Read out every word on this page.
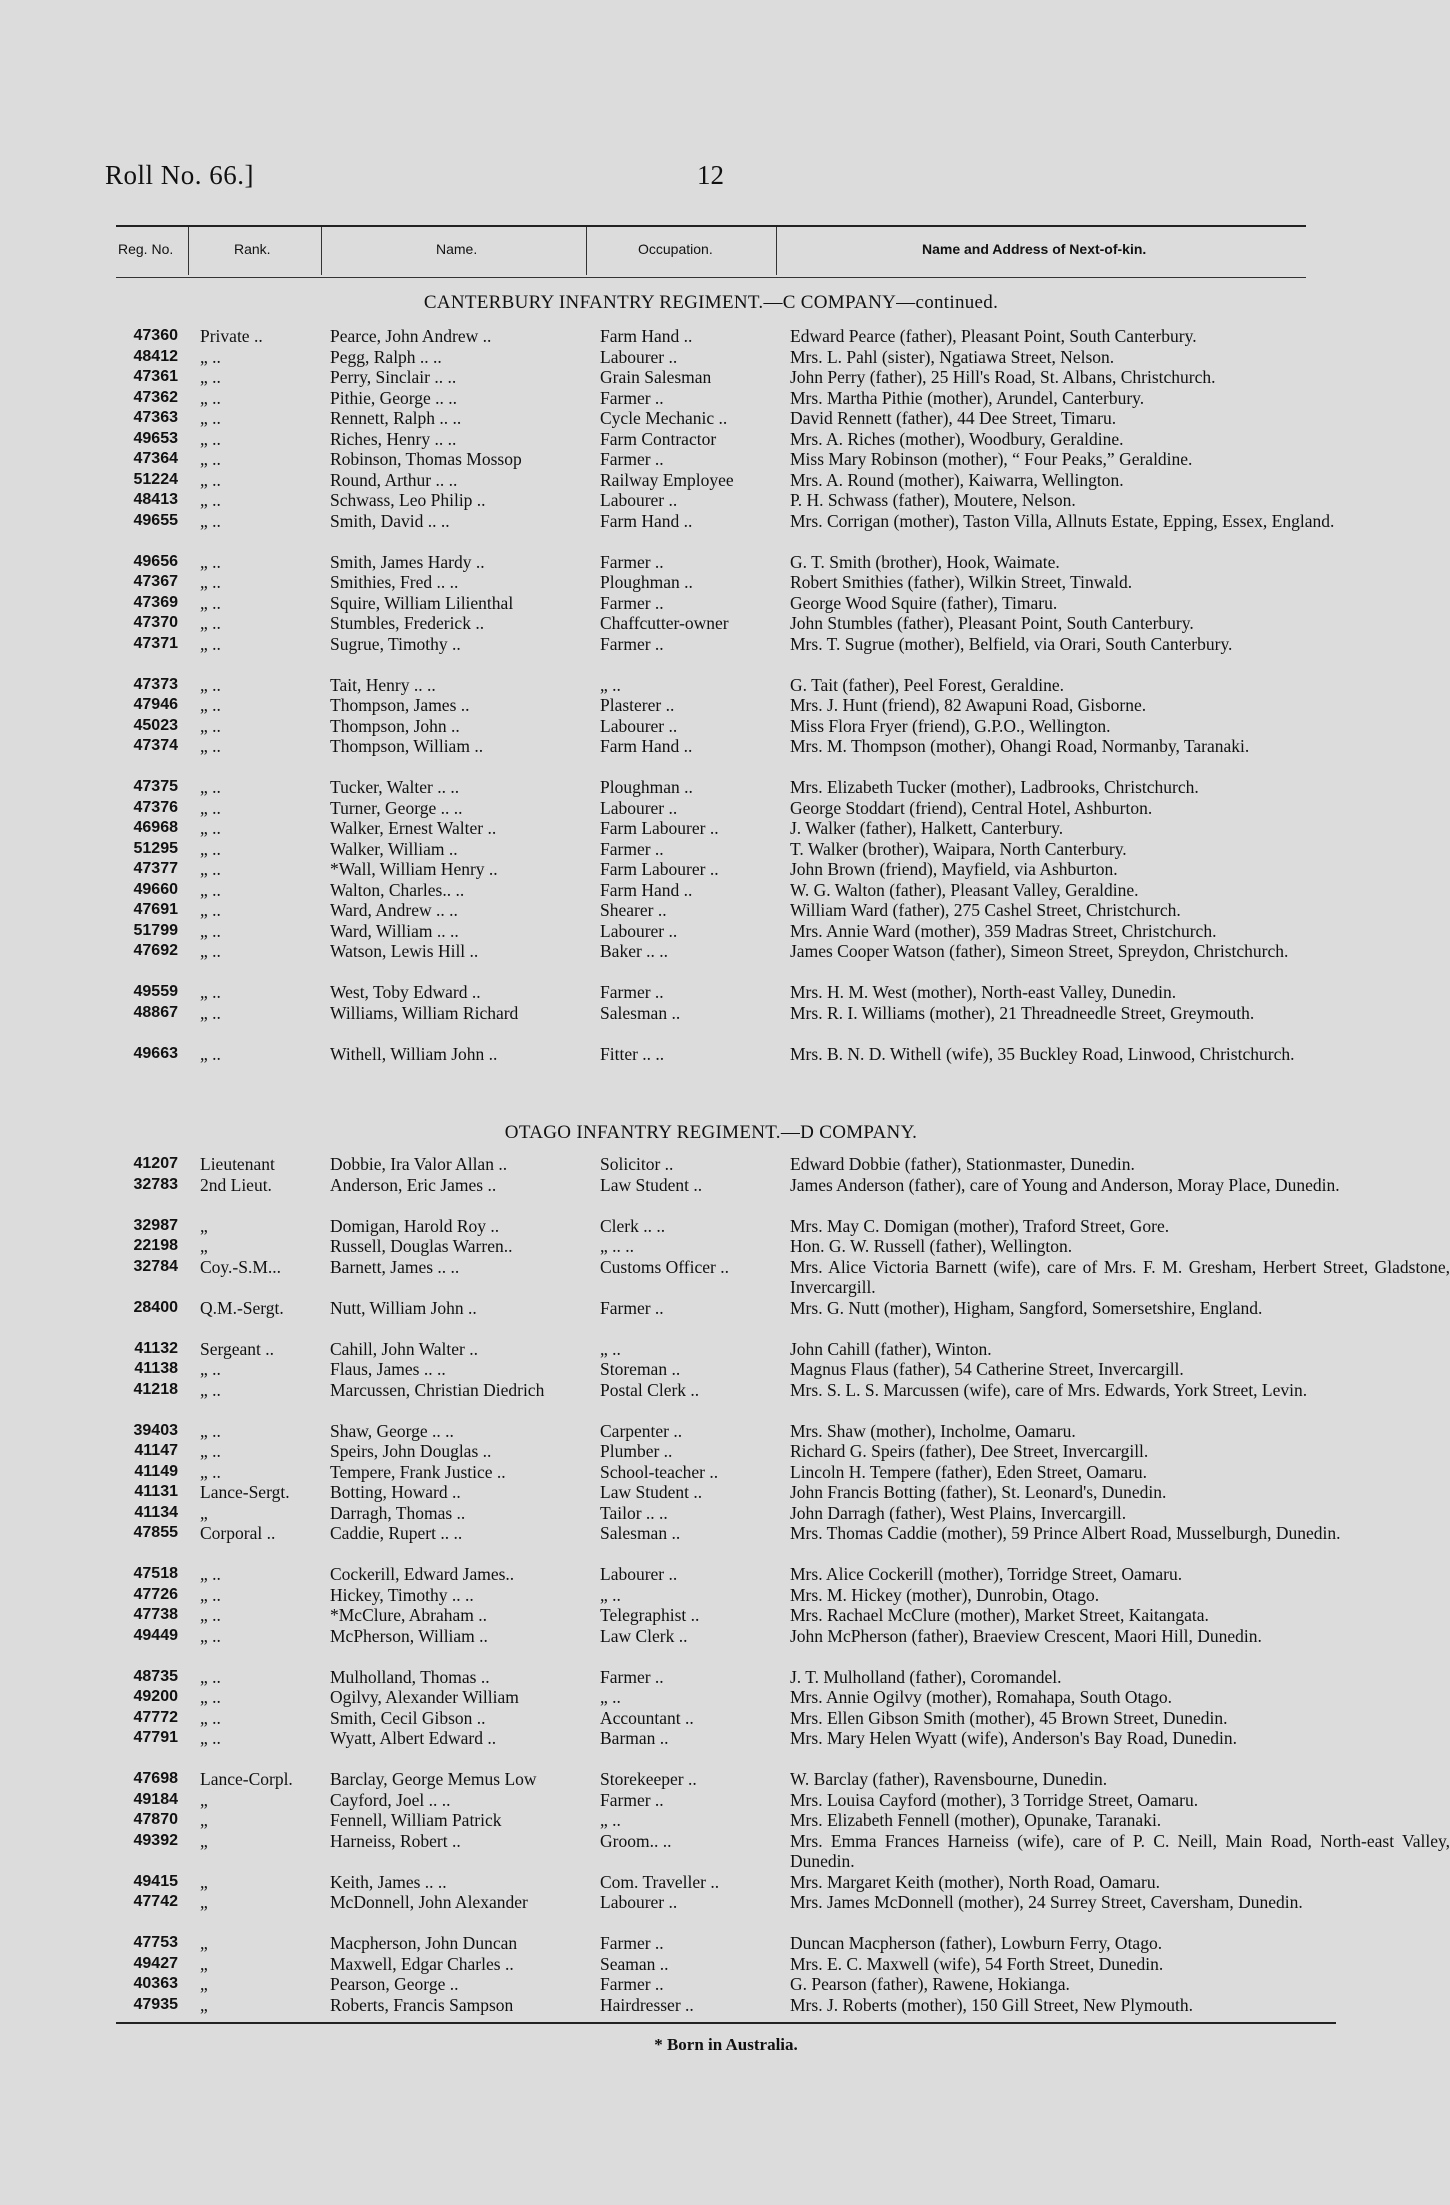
Roll No. 66.]	12
Reg. No.	Rank.	Name.	Occupation.	Name and Address of Next-of-kin.
CANTERBURY INFANTRY REGIMENT.—C COMPANY—continued.
47360 Private ..	Pearce, John Andrew ..	Farm Hand ..	Edward Pearce (father), Pleasant Point, South Canterbury.
48412 „ ..	Pegg, Ralph .. ..	Labourer ..	Mrs. L. Pahl (sister), Ngatiawa Street, Nelson.
47361 „ ..	Perry, Sinclair .. ..	Grain Salesman	John Perry (father), 25 Hill's Road, St. Albans, Christchurch.
47362 „ ..	Pithie, George .. ..	Farmer ..	Mrs. Martha Pithie (mother), Arundel, Canterbury.
47363 „ ..	Rennett, Ralph .. ..	Cycle Mechanic ..	David Rennett (father), 44 Dee Street, Timaru.
49653 „ ..	Riches, Henry .. ..	Farm Contractor	Mrs. A. Riches (mother), Woodbury, Geraldine.
47364 „ ..	Robinson, Thomas Mossop	Farmer ..	Miss Mary Robinson (mother), “ Four Peaks,” Geraldine.
51224 „ ..	Round, Arthur .. ..	Railway Employee	Mrs. A. Round (mother), Kaiwarra, Wellington.
48413 „ ..	Schwass, Leo Philip ..	Labourer ..	P. H. Schwass (father), Moutere, Nelson.
49655 „ ..	Smith, David .. ..	Farm Hand ..	Mrs. Corrigan (mother), Taston Villa, Allnuts Estate, Epping, Essex, England.
49656 „ ..	Smith, James Hardy ..	Farmer ..	G. T. Smith (brother), Hook, Waimate.
47367 „ ..	Smithies, Fred .. ..	Ploughman ..	Robert Smithies (father), Wilkin Street, Tinwald.
47369 „ ..	Squire, William Lilienthal	Farmer ..	George Wood Squire (father), Timaru.
47370 „ ..	Stumbles, Frederick ..	Chaffcutter-owner	John Stumbles (father), Pleasant Point, South Canterbury.
47371 „ ..	Sugrue, Timothy ..	Farmer ..	Mrs. T. Sugrue (mother), Belfield, via Orari, South Canterbury.
47373 „ ..	Tait, Henry .. ..	„ ..	G. Tait (father), Peel Forest, Geraldine.
47946 „ ..	Thompson, James ..	Plasterer ..	Mrs. J. Hunt (friend), 82 Awapuni Road, Gisborne.
45023 „ ..	Thompson, John ..	Labourer ..	Miss Flora Fryer (friend), G.P.O., Wellington.
47374 „ ..	Thompson, William ..	Farm Hand ..	Mrs. M. Thompson (mother), Ohangi Road, Normanby, Taranaki.
47375 „ ..	Tucker, Walter .. ..	Ploughman ..	Mrs. Elizabeth Tucker (mother), Ladbrooks, Christchurch.
47376 „ ..	Turner, George .. ..	Labourer ..	George Stoddart (friend), Central Hotel, Ashburton.
46968 „ ..	Walker, Ernest Walter ..	Farm Labourer ..	J. Walker (father), Halkett, Canterbury.
51295 „ ..	Walker, William ..	Farmer ..	T. Walker (brother), Waipara, North Canterbury.
47377 „ ..	*Wall, William Henry ..	Farm Labourer ..	John Brown (friend), Mayfield, via Ashburton.
49660 „ ..	Walton, Charles.. ..	Farm Hand ..	W. G. Walton (father), Pleasant Valley, Geraldine.
47691 „ ..	Ward, Andrew .. ..	Shearer ..	William Ward (father), 275 Cashel Street, Christchurch.
51799 „ ..	Ward, William .. ..	Labourer ..	Mrs. Annie Ward (mother), 359 Madras Street, Christchurch.
47692 „ ..	Watson, Lewis Hill ..	Baker .. ..	James Cooper Watson (father), Simeon Street, Spreydon, Christchurch.
49559 „ ..	West, Toby Edward ..	Farmer ..	Mrs. H. M. West (mother), North-east Valley, Dunedin.
48867 „ ..	Williams, William Richard	Salesman ..	Mrs. R. I. Williams (mother), 21 Threadneedle Street, Greymouth.
49663 „ ..	Withell, William John ..	Fitter .. ..	Mrs. B. N. D. Withell (wife), 35 Buckley Road, Linwood, Christchurch.
OTAGO INFANTRY REGIMENT.—D COMPANY.
41207 Lieutenant	Dobbie, Ira Valor Allan ..	Solicitor ..	Edward Dobbie (father), Stationmaster, Dunedin.
32783 2nd Lieut.	Anderson, Eric James ..	Law Student ..	James Anderson (father), care of Young and Anderson, Moray Place, Dunedin.
32987 „	Domigan, Harold Roy ..	Clerk .. ..	Mrs. May C. Domigan (mother), Traford Street, Gore.
22198 „	Russell, Douglas Warren..	„ .. ..	Hon. G. W. Russell (father), Wellington.
32784 Coy.-S.M...	Barnett, James .. ..	Customs Officer ..	Mrs. Alice Victoria Barnett (wife), care of Mrs. F. M. Gresham, Herbert Street, Gladstone, Invercargill.
28400 Q.M.-Sergt.	Nutt, William John ..	Farmer ..	Mrs. G. Nutt (mother), Higham, Sangford, Somersetshire, England.
41132 Sergeant ..	Cahill, John Walter ..	„ ..	John Cahill (father), Winton.
41138 „ ..	Flaus, James .. ..	Storeman ..	Magnus Flaus (father), 54 Catherine Street, Invercargill.
41218 „ ..	Marcussen, Christian Diedrich	Postal Clerk ..	Mrs. S. L. S. Marcussen (wife), care of Mrs. Edwards, York Street, Levin.
39403 „ ..	Shaw, George .. ..	Carpenter ..	Mrs. Shaw (mother), Incholme, Oamaru.
41147 „ ..	Speirs, John Douglas ..	Plumber ..	Richard G. Speirs (father), Dee Street, Invercargill.
41149 „ ..	Tempere, Frank Justice ..	School-teacher ..	Lincoln H. Tempere (father), Eden Street, Oamaru.
41131 Lance-Sergt.	Botting, Howard ..	Law Student ..	John Francis Botting (father), St. Leonard's, Dunedin.
41134 „	Darragh, Thomas ..	Tailor .. ..	John Darragh (father), West Plains, Invercargill.
47855 Corporal ..	Caddie, Rupert .. ..	Salesman ..	Mrs. Thomas Caddie (mother), 59 Prince Albert Road, Musselburgh, Dunedin.
47518 „ ..	Cockerill, Edward James..	Labourer ..	Mrs. Alice Cockerill (mother), Torridge Street, Oamaru.
47726 „ ..	Hickey, Timothy .. ..	„ ..	Mrs. M. Hickey (mother), Dunrobin, Otago.
47738 „ ..	*McClure, Abraham ..	Telegraphist ..	Mrs. Rachael McClure (mother), Market Street, Kaitangata.
49449 „ ..	McPherson, William ..	Law Clerk ..	John McPherson (father), Braeview Crescent, Maori Hill, Dunedin.
48735 „ ..	Mulholland, Thomas ..	Farmer ..	J. T. Mulholland (father), Coromandel.
49200 „ ..	Ogilvy, Alexander William	„ ..	Mrs. Annie Ogilvy (mother), Romahapa, South Otago.
47772 „ ..	Smith, Cecil Gibson ..	Accountant ..	Mrs. Ellen Gibson Smith (mother), 45 Brown Street, Dunedin.
47791 „ ..	Wyatt, Albert Edward ..	Barman ..	Mrs. Mary Helen Wyatt (wife), Anderson's Bay Road, Dunedin.
47698 Lance-Corpl.	Barclay, George Memus Low	Storekeeper ..	W. Barclay (father), Ravensbourne, Dunedin.
49184 „	Cayford, Joel .. ..	Farmer ..	Mrs. Louisa Cayford (mother), 3 Torridge Street, Oamaru.
47870 „	Fennell, William Patrick	„ ..	Mrs. Elizabeth Fennell (mother), Opunake, Taranaki.
49392 „	Harneiss, Robert ..	Groom.. ..	Mrs. Emma Frances Harneiss (wife), care of P. C. Neill, Main Road, North-east Valley, Dunedin.
49415 „	Keith, James .. ..	Com. Traveller ..	Mrs. Margaret Keith (mother), North Road, Oamaru.
47742 „	McDonnell, John Alexander	Labourer ..	Mrs. James McDonnell (mother), 24 Surrey Street, Caversham, Dunedin.
47753 „	Macpherson, John Duncan	Farmer ..	Duncan Macpherson (father), Lowburn Ferry, Otago.
49427 „	Maxwell, Edgar Charles ..	Seaman ..	Mrs. E. C. Maxwell (wife), 54 Forth Street, Dunedin.
40363 „	Pearson, George ..	Farmer ..	G. Pearson (father), Rawene, Hokianga.
47935 „	Roberts, Francis Sampson	Hairdresser ..	Mrs. J. Roberts (mother), 150 Gill Street, New Plymouth.
* Born in Australia.
